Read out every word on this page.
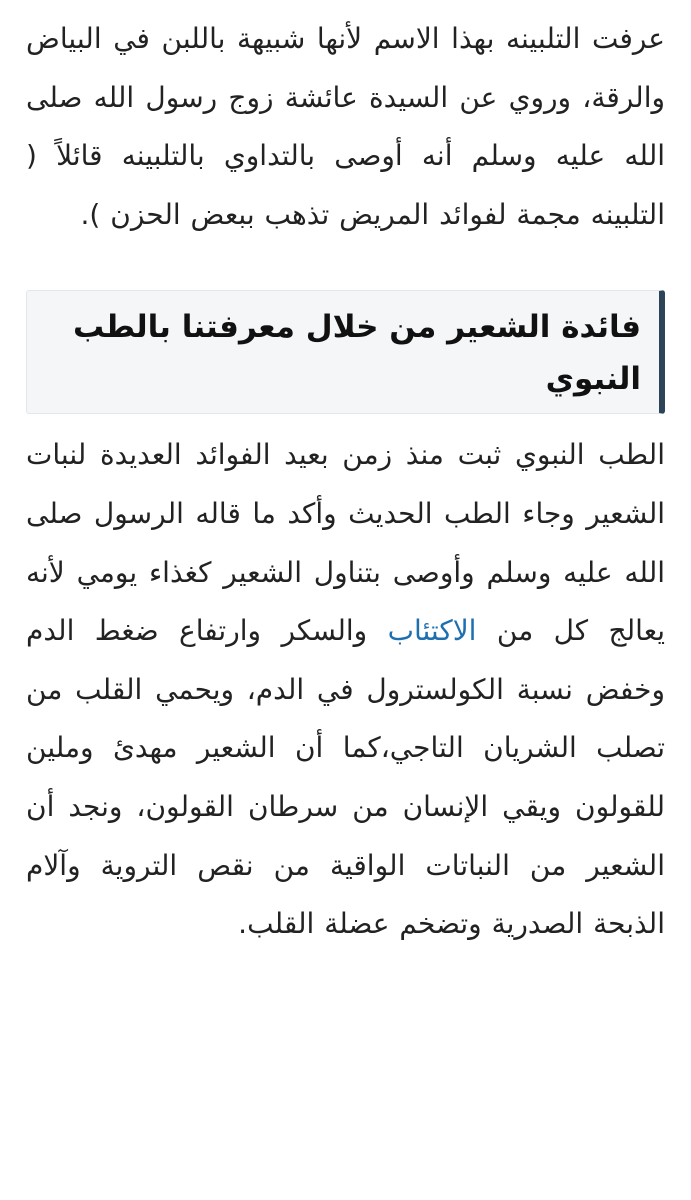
عرفت التلبينه بهذا الاسم لأنها شبيهة باللبن في البياض والرقة، وروي عن السيدة عائشة زوج رسول الله صلى الله عليه وسلم أنه أوصى بالتداوي بالتلبينه قائلاً ( التلبينه مجمة لفوائد المريض تذهب ببعض الحزن ).

فائدة الشعير من خلال معرفتنا بالطب النبوي

الطب النبوي ثبت منذ زمن بعيد الفوائد العديدة لنبات الشعير وجاء الطب الحديث وأكد ما قاله الرسول صلى الله عليه وسلم وأوصى بتناول الشعير كغذاء يومي لأنه يعالج كل من الاكتئاب والسكر وارتفاع ضغط الدم وخفض نسبة الكولسترول في الدم، ويحمي القلب من تصلب الشريان التاجي،كما أن الشعير مهدئ وملين للقولون ويقي الإنسان من سرطان القولون، ونجد أن الشعير من النباتات الواقية من نقص التروية وآلام الذبحة الصدرية وتضخم عضلة القلب.
